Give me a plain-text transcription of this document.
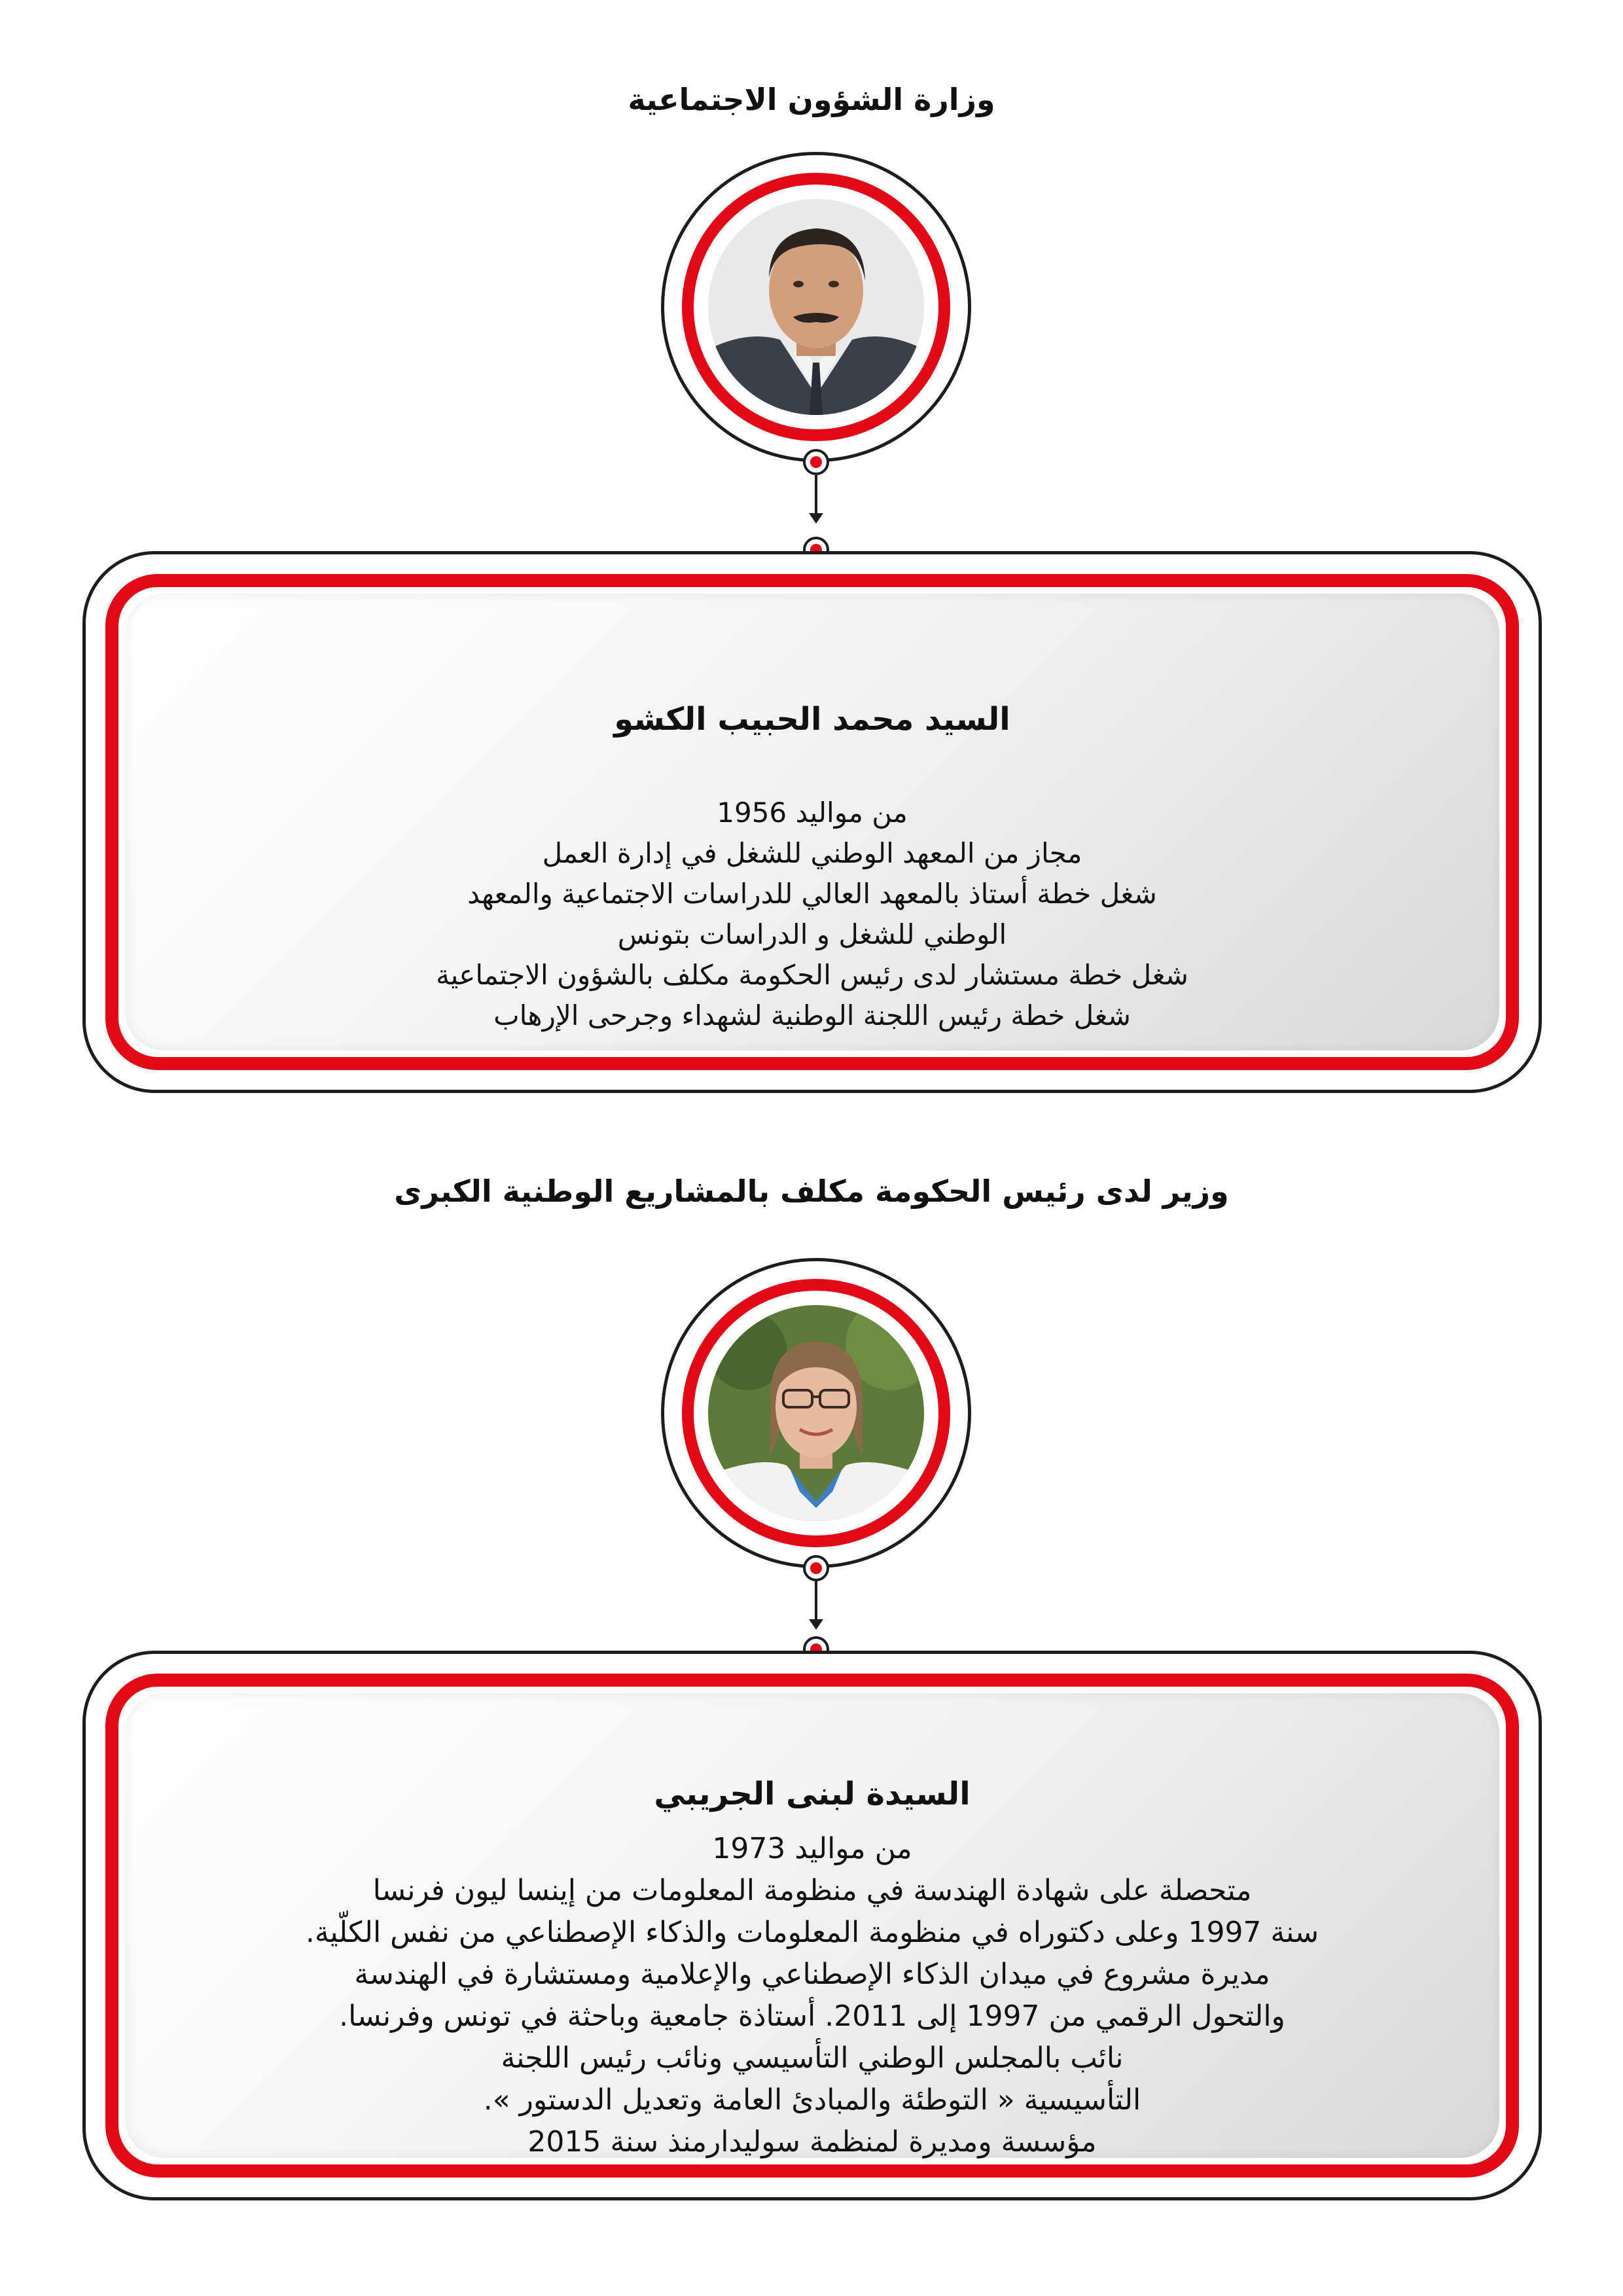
وزارة الشؤون الاجتماعية
السيد محمد الحبيب الكشو
من مواليد 1956
مجاز من المعهد الوطني للشغل في إدارة العمل
شغل خطة أستاذ بالمعهد العالي للدراسات الاجتماعية والمعهد
الوطني للشغل و الدراسات بتونس
شغل خطة مستشار لدى رئيس الحكومة مكلف بالشؤون الاجتماعية
شغل خطة رئيس اللجنة الوطنية لشهداء وجرحى الإرهاب
وزير لدى رئيس الحكومة مكلف بالمشاريع الوطنية الكبرى
السيدة لبنى الجريبي
من مواليد 1973
متحصلة على شهادة الهندسة في منظومة المعلومات من إينسا ليون فرنسا
سنة 1997 وعلى دكتوراه في منظومة المعلومات والذكاء الإصطناعي من نفس الكلّية.
مديرة مشروع في ميدان الذكاء الإصطناعي والإعلامية ومستشارة في الهندسة
والتحول الرقمي من 1997 إلى 2011. أستاذة جامعية وباحثة في تونس وفرنسا.
نائب بالمجلس الوطني التأسيسي ونائب رئيس اللجنة
التأسيسية « التوطئة والمبادئ العامة وتعديل الدستور ».
مؤسسة ومديرة لمنظمة سوليدارمنذ سنة 2015
